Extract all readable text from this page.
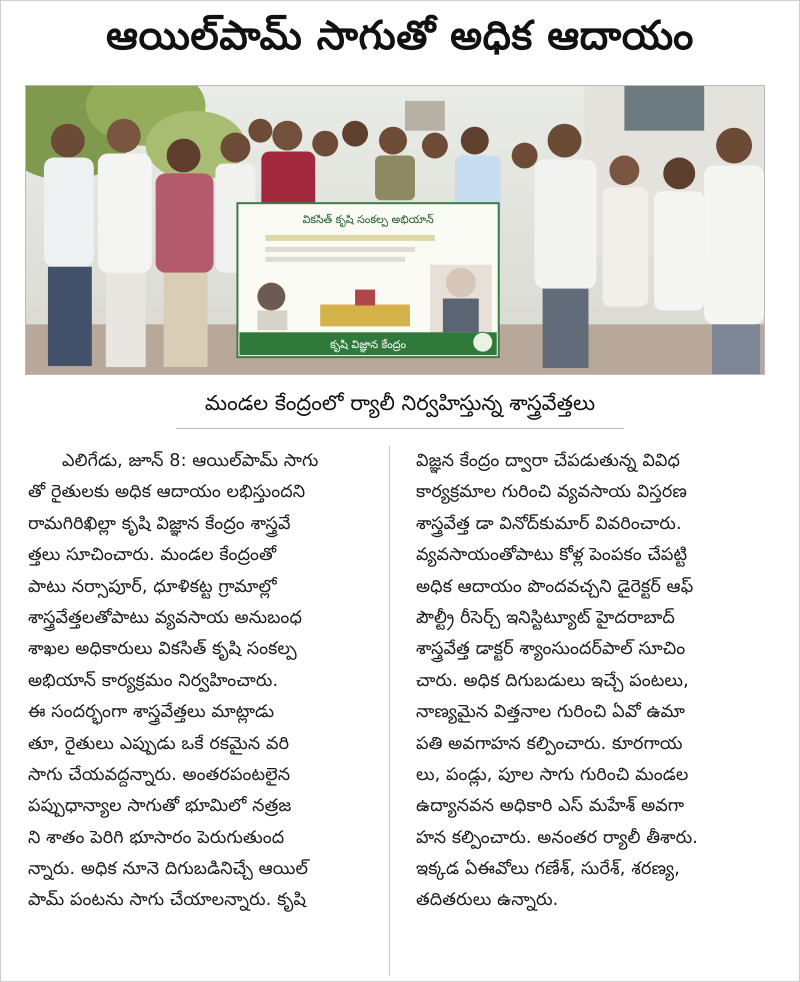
ఆయిల్‌పామ్‌ సాగుతో అధిక ఆదాయం
వికసిత్ కృషి సంకల్ప అభియాన్
కృషి విజ్ఞాన కేంద్రం
మండల కేంద్రంలో ర్యాలీ నిర్వహిస్తున్న శాస్త్రవేత్తలు
ఎలిగేడు, జూన్ 8: ఆయిల్‌పామ్ సాగు
తో రైతులకు అధిక ఆదాయం లభిస్తుందని
రామగిరిఖిల్లా కృషి విజ్ఞాన కేంద్రం శాస్త్రవే
త్తలు సూచించారు. మండల కేంద్రంతో
పాటు నర్సాపూర్, ధూళికట్ట గ్రామాల్లో
శాస్త్రవేత్తలతోపాటు వ్యవసాయ అనుబంధ
శాఖల అధికారులు వికసిత్ కృషి సంకల్ప
అభియాన్ కార్యక్రమం నిర్వహించారు.
ఈ సందర్భంగా శాస్త్రవేత్తలు మాట్లాడు
తూ, రైతులు ఎప్పుడు ఒకే రకమైన వరి
సాగు చేయవద్దన్నారు. అంతరపంటలైన
పప్పుధాన్యాల సాగుతో భూమిలో నత్రజ
ని శాతం పెరిగి భూసారం పెరుగుతుంద
న్నారు. అధిక నూనె దిగుబడినిచ్చే ఆయిల్
పామ్ పంటను సాగు చేయాలన్నారు. కృషి
విజ్ఞన కేంద్రం ద్వారా చేపడుతున్న వివిధ
కార్యక్రమాల గురించి వ్యవసాయ విస్తరణ
శాస్త్రవేత్త డా వినోద్‌కుమార్ వివరించారు.
వ్యవసాయంతోపాటు కోళ్ల పెంపకం చేపట్టి
అధిక ఆదాయం పొందవచ్చని డైరెక్టర్ ఆఫ్
పౌల్ట్రీ రీసెర్చ్ ఇనిస్టిట్యూట్ హైదరాబాద్
శాస్త్రవేత్త డాక్టర్ శ్యాంసుందర్‌పాల్ సూచిం
చారు. అధిక దిగుబడులు ఇచ్చే పంటలు,
నాణ్యమైన విత్తనాల గురించి ఏవో ఉమా
పతి అవగాహన కల్పించారు. కూరగాయ
లు, పండ్లు, పూల సాగు గురించి మండల
ఉద్యానవన అధికారి ఎస్ మహేశ్ అవగా
హన కల్పించారు. అనంతర ర్యాలీ తీశారు.
ఇక్కడ ఏఈవోలు గణేశ్, సురేశ్, శరణ్య,
తదితరులు ఉన్నారు.
